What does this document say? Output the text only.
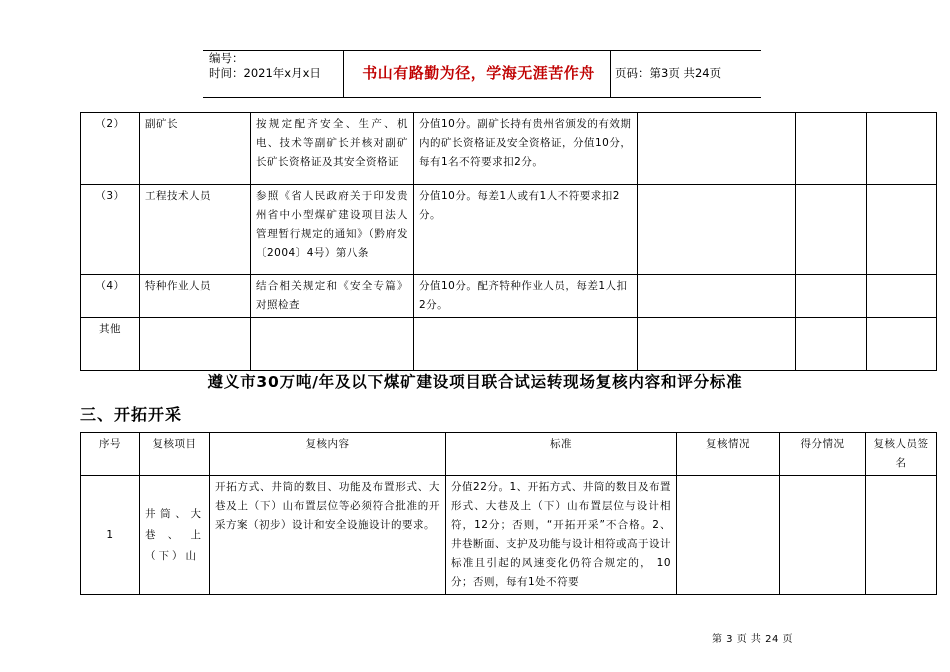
编号：
时间：2021年x月x日	书山有路勤为径，学海无涯苦作舟	页码：第3页 共24页
（2）	副矿长	按规定配齐安全、生产、机电、技术等副矿长并核对副矿长矿长资格证及其安全资格证	分值10分。副矿长持有贵州省颁发的有效期内的矿长资格证及安全资格证，分值10分，每有1名不符要求扣2分。			
（3）	工程技术人员	参照《省人民政府关于印发贵州省中小型煤矿建设项目法人管理暂行规定的通知》（黔府发〔2004〕4号）第八条	分值10分。每差1人或有1人不符要求扣2分。			
（4）	特种作业人员	结合相关规定和《安全专篇》对照检查	分值10分。配齐特种作业人员，每差1人扣2分。			
其他						
遵义市30万吨/年及以下煤矿建设项目联合试运转现场复核内容和评分标准
三、开拓开采
序号	复核项目	复核内容	标准	复核情况	得分情况	复核人员签名
1	井筒、大巷、上（下）山	开拓方式、井筒的数目、功能及布置形式、大巷及上（下）山布置层位等必须符合批准的开采方案（初步）设计和安全设施设计的要求。	分值22分。1、开拓方式、井筒的数目及布置形式、大巷及上（下）山布置层位与设计相符，12分；否则，“开拓开采”不合格。2、井巷断面、支护及功能与设计相符或高于设计标准且引起的风速变化仍符合规定的， 10分；否则，每有1处不符要			
第 3 页 共 24 页
